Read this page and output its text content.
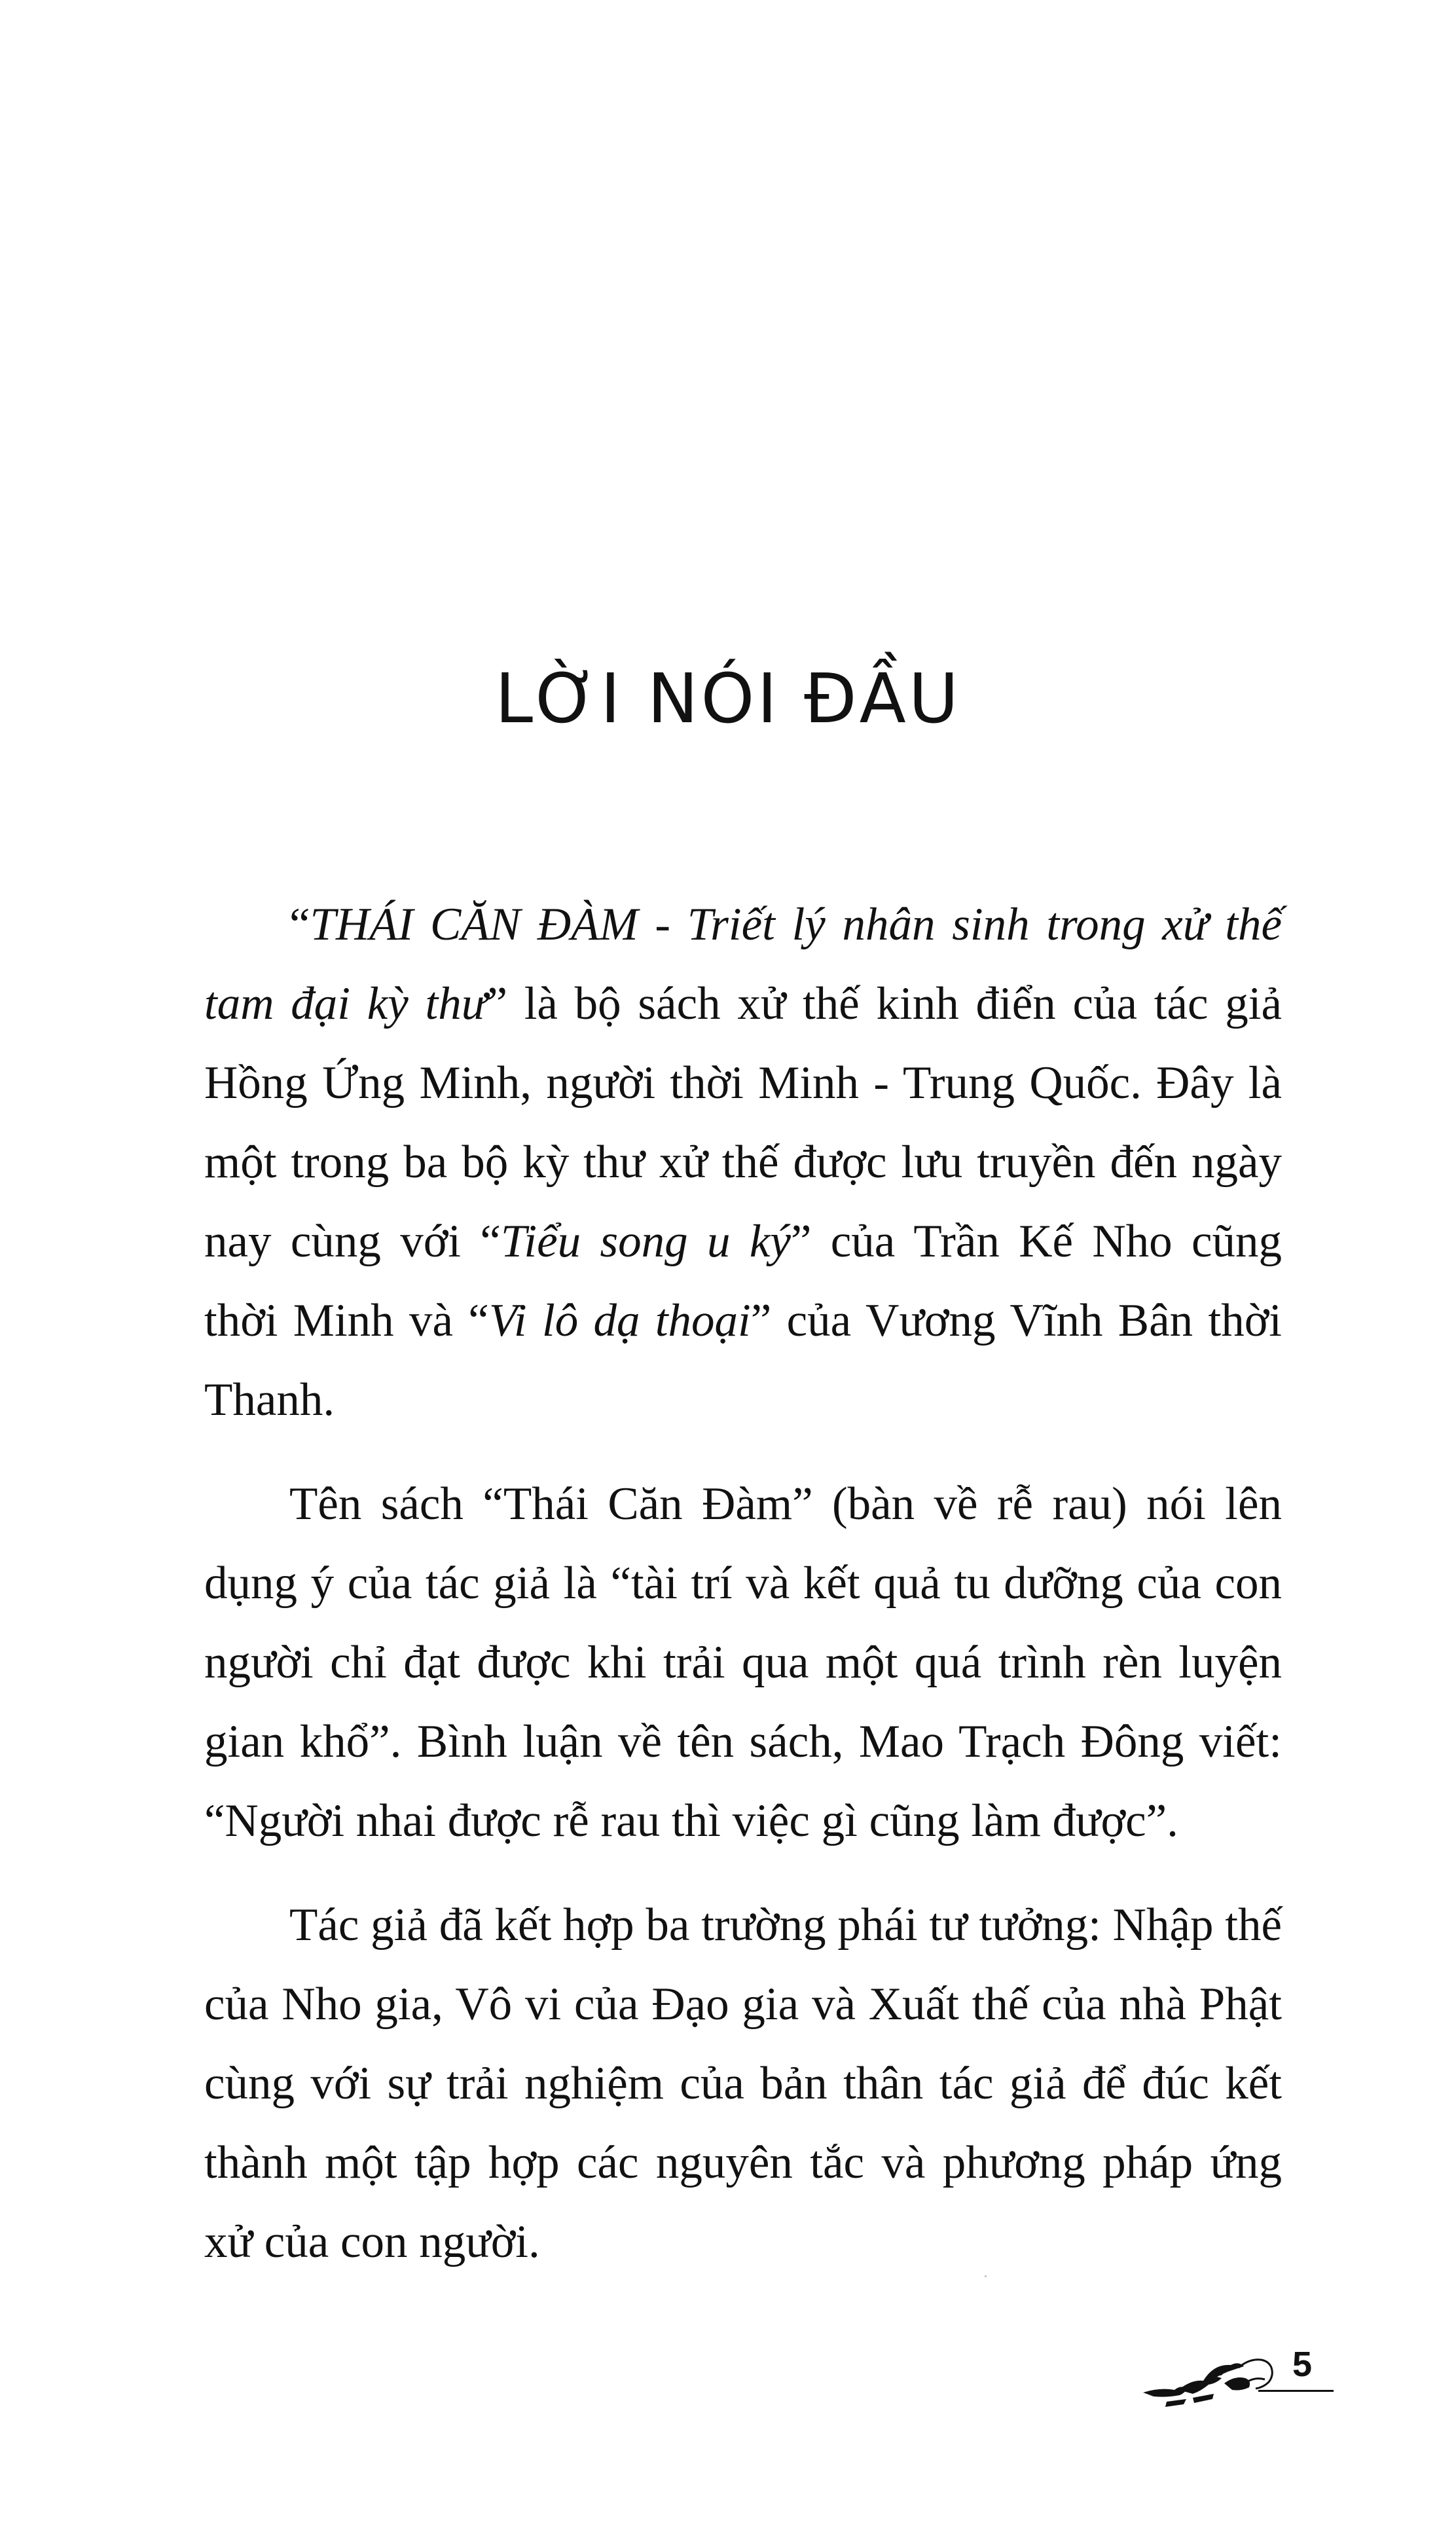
LỜI NÓI ĐẦU

“THÁI CĂN ĐÀM - Triết lý nhân sinh trong xử thế tam đại kỳ thư” là bộ sách xử thế kinh điển của tác giả Hồng Ứng Minh, người thời Minh - Trung Quốc. Đây là một trong ba bộ kỳ thư xử thế được lưu truyền đến ngày nay cùng với “Tiểu song u ký” của Trần Kế Nho cũng thời Minh và “Vi lô dạ thoại” của Vương Vĩnh Bân thời Thanh.

Tên sách “Thái Căn Đàm” (bàn về rễ rau) nói lên dụng ý của tác giả là “tài trí và kết quả tu dưỡng của con người chỉ đạt được khi trải qua một quá trình rèn luyện gian khổ”. Bình luận về tên sách, Mao Trạch Đông viết: “Người nhai được rễ rau thì việc gì cũng làm được”.

Tác giả đã kết hợp ba trường phái tư tưởng: Nhập thế của Nho gia, Vô vi của Đạo gia và Xuất thế của nhà Phật cùng với sự trải nghiệm của bản thân tác giả để đúc kết thành một tập hợp các nguyên tắc và phương pháp ứng xử của con người.

5
